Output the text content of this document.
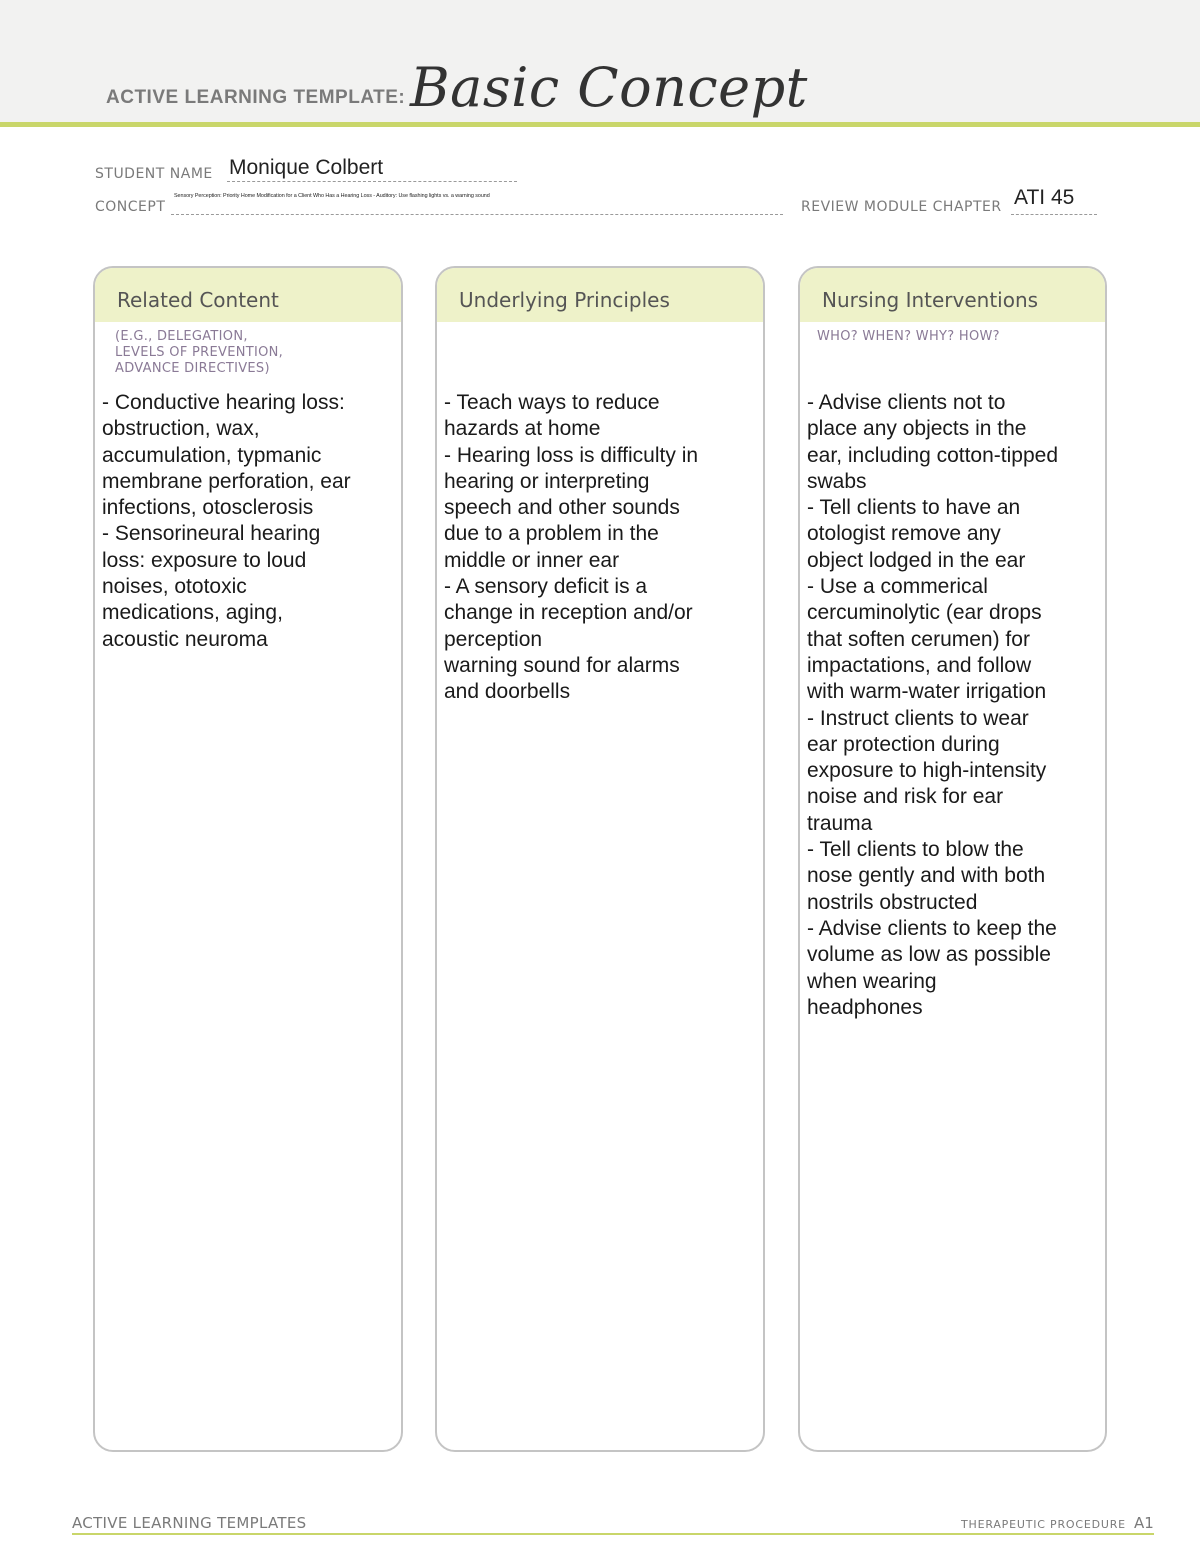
ACTIVE LEARNING TEMPLATE: Basic Concept
STUDENT NAME Monique Colbert
CONCEPT
Sensory Perception: Priority Home Modification for a Client Who Has a Hearing Loss - Auditory: Use flashing lights vs. a warning sound
REVIEW MODULE CHAPTER ATI 45
Related Content
(E.G., DELEGATION,
LEVELS OF PREVENTION,
ADVANCE DIRECTIVES)
- Conductive hearing loss:
obstruction, wax,
accumulation, typmanic
membrane perforation, ear
infections, otosclerosis
- Sensorineural hearing
loss: exposure to loud
noises, ototoxic
medications, aging,
acoustic neuroma
Underlying Principles
- Teach ways to reduce
hazards at home
- Hearing loss is difficulty in
hearing or interpreting
speech and other sounds
due to a problem in the
middle or inner ear
- A sensory deficit is a
change in reception and/or
perception
warning sound for alarms
and doorbells
Nursing Interventions
WHO? WHEN? WHY? HOW?
- Advise clients not to
place any objects in the
ear, including cotton-tipped
swabs
- Tell clients to have an
otologist remove any
object lodged in the ear
- Use a commerical
cercuminolytic (ear drops
that soften cerumen) for
impactations, and follow
with warm-water irrigation
- Instruct clients to wear
ear protection during
exposure to high-intensity
noise and risk for ear
trauma
- Tell clients to blow the
nose gently and with both
nostrils obstructed
- Advise clients to keep the
volume as low as possible
when wearing
headphones
ACTIVE LEARNING TEMPLATES	THERAPEUTIC PROCEDURE A1
